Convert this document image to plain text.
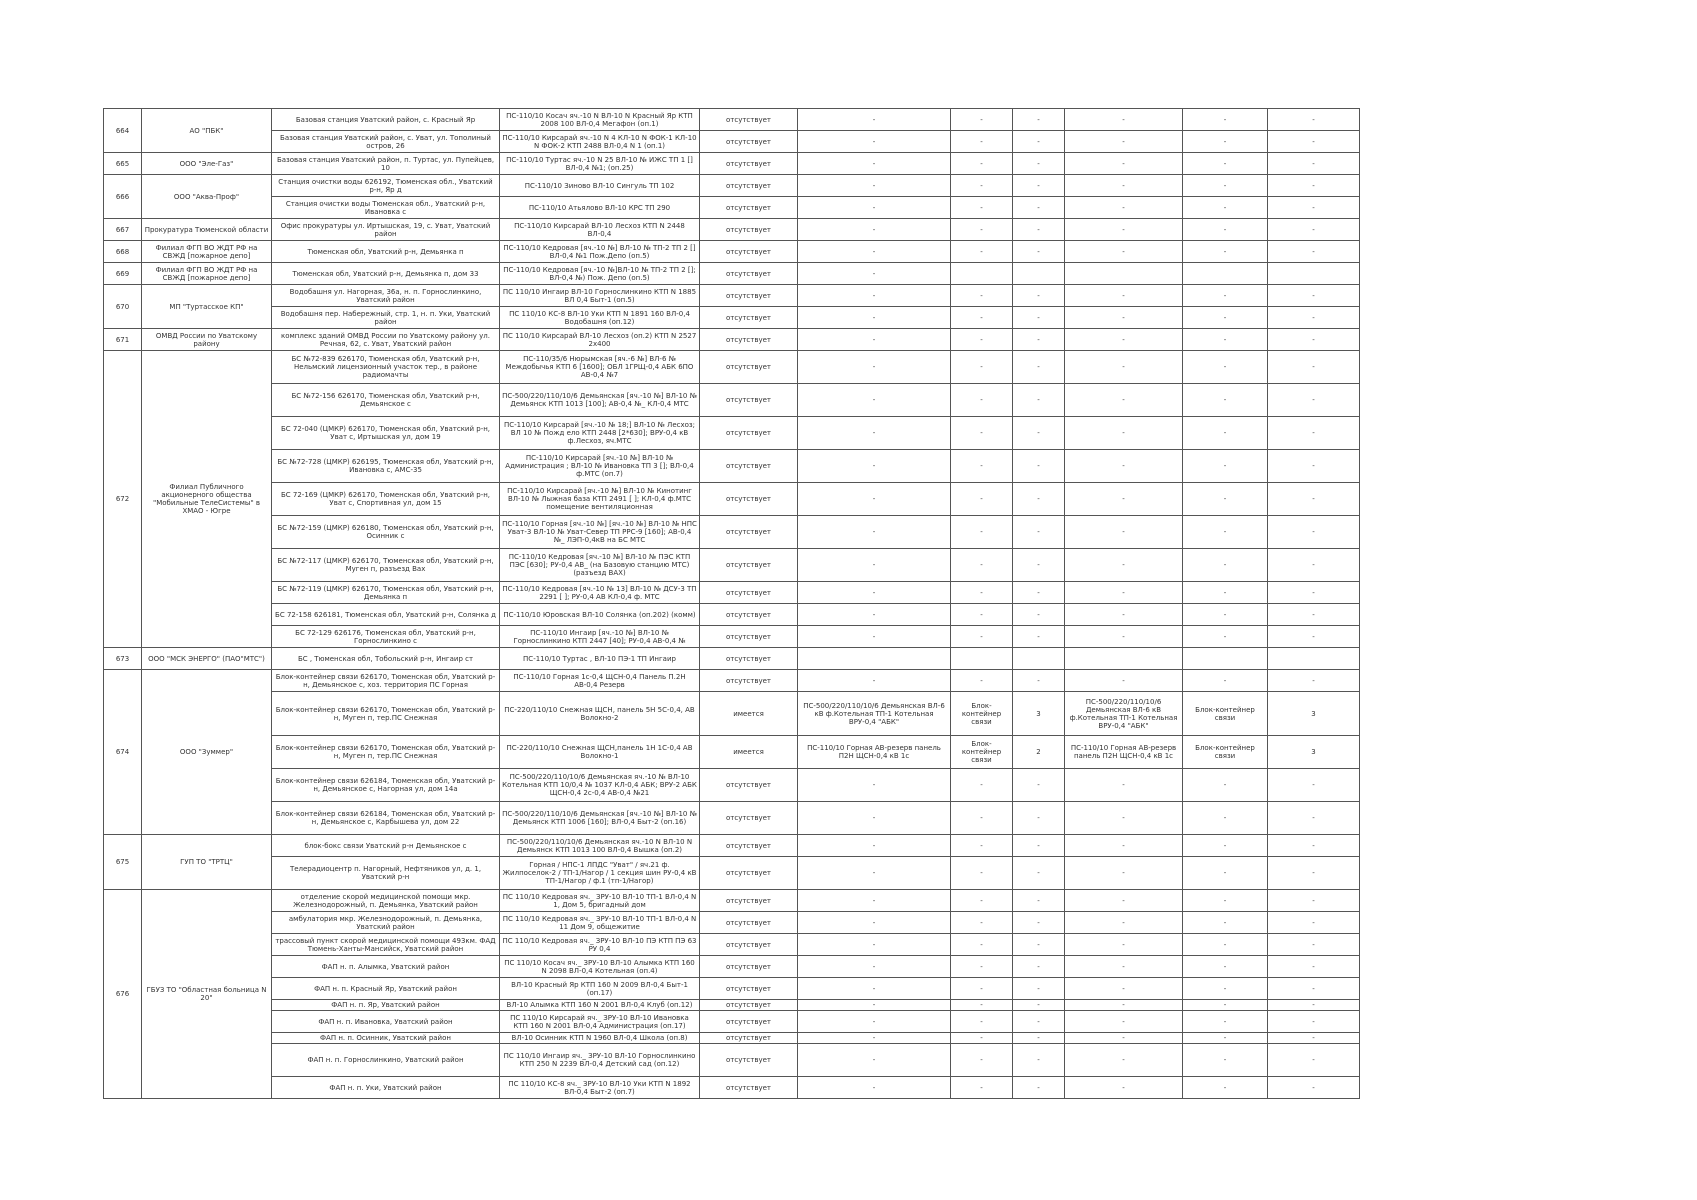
664	АО "ПБК"	Базовая станция Уватский район, с. Красный Яр	ПС-110/10 Косач яч.-10 N ВЛ-10 N Красный Яр КТП 2008 100 ВЛ-0,4 Мегафон (оп.1)	отсутствует	-	-	-	-	-	-
		Базовая станция Уватский район, с. Уват, ул. Тополиный остров, 26	ПС-110/10 Кирсарай яч.-10 N 4 КЛ-10 N ФОК-1 КЛ-10 N ФОК-2 КТП 2488 ВЛ-0,4 N 1 (оп.1)	отсутствует	-	-	-	-	-	-
665	ООО "Эле-Газ"	Базовая станция Уватский район, п. Туртас, ул. Пупейцев, 10	ПС-110/10 Туртас яч.-10 N 25 ВЛ-10 № ИЖС ТП 1 [] ВЛ-0,4 №1; (оп.25)	отсутствует	-	-	-	-	-	-
666	ООО "Аква-Проф"	Станция очистки воды 626192, Тюменская обл., Уватский р-н, Яр д	ПС-110/10 Зиново ВЛ-10 Сингуль ТП 102	отсутствует	-	-	-	-	-	-
		Станция очистки воды Тюменская обл., Уватский р-н, Ивановка с	ПС-110/10 Атьялово ВЛ-10 КРС ТП 290	отсутствует	-	-	-	-	-	-
667	Прокуратура Тюменской области	Офис прокуратуры ул. Иртышская, 19, с. Уват, Уватский район	ПС-110/10 Кирсарай ВЛ-10 Лесхоз КТП N 2448 ВЛ-0,4	отсутствует	-	-	-	-	-	-
668	Филиал ФГП ВО ЖДТ РФ на СВЖД [пожарное депо]	Тюменская обл, Уватский р-н, Демьянка п	ПС-110/10 Кедровая [яч.-10 №] ВЛ-10 № ТП-2 ТП 2 [] ВЛ-0,4 №1 Пож.Депо (оп.5)	отсутствует	-	-	-	-	-	-
669	Филиал ФГП ВО ЖДТ РФ на СВЖД [пожарное депо]	Тюменская обл, Уватский р-н, Демьянка п, дом 33	ПС-110/10 Кедровая [яч.-10 №]ВЛ-10 № ТП-2 ТП 2 []; ВЛ-0,4 №) Пож. Депо (оп.5)	отсутствует	-					
670	МП "Туртасское КП"	Водобашня ул. Нагорная, 36а, н. п. Горнослинкино, Уватский район	ПС 110/10 Ингаир ВЛ-10 Горнослинкино КТП N 1885 ВЛ 0,4 Быт-1 (оп.5)	отсутствует	-	-	-	-	-	-
		Водобашня пер. Набережный, стр. 1, н. п. Уки, Уватский район	ПС 110/10 КС-8 ВЛ-10 Уки КТП N 1891 160 ВЛ-0,4 Водобашня (оп.12)	отсутствует	-	-	-	-	-	-
671	ОМВД России по Уватскому району	комплекс зданий ОМВД России по Уватскому району ул. Речная, 62, с. Уват, Уватский район	ПС 110/10 Кирсарай ВЛ-10 Лесхоз (оп.2) КТП N 2527 2х400	отсутствует	-	-	-	-	-	-
672	Филиал Публичного акционерного общества "Мобильные ТелеСистемы" в ХМАО - Югре	БС №72-839 626170, Тюменская обл, Уватский р-н, Нельмский лицензионный участок тер., в районе радиомачты	ПС-110/35/6 Нюрымская [яч.-6 №] ВЛ-6 № Междобычья КТП 6 [1600]; ОБЛ 1ГРЩ-0,4 АБК 6ПО АВ-0,4 №7	отсутствует	-	-	-	-	-	-
		БС №72-156 626170, Тюменская обл, Уватский р-н, Демьянское с	ПС-500/220/110/10/6 Демьянская [яч.-10 №] ВЛ-10 № Демьянск КТП 1013 [100]; АВ-0,4 №_ КЛ-0,4 МТС	отсутствует	-	-	-	-	-	-
		БС 72-040 (ЦМКР) 626170, Тюменская обл, Уватский р-н, Уват с, Иртышская ул, дом 19	ПС-110/10 Кирсарай [яч.-10 № 18;] ВЛ-10 № Лесхоз; ВЛ 10 № Пожд ело КТП 2448 [2*630]; ВРУ-0,4 кВ ф.Лесхоз, яч.МТС	отсутствует	-	-	-	-	-	-
		БС №72-728 (ЦМКР) 626195, Тюменская обл, Уватский р-н, Ивановка с, АМС-35	ПС-110/10 Кирсарай [яч.-10 №] ВЛ-10 № Администрация ; ВЛ-10 № Ивановка ТП 3 []; ВЛ-0,4 ф.МТС (оп.7)	отсутствует	-	-	-	-	-	-
		БС 72-169 (ЦМКР) 626170, Тюменская обл, Уватский р-н, Уват с, Спортивная ул, дом 15	ПС-110/10 Кирсарай [яч.-10 №] ВЛ-10 № Кинотинг ВЛ-10 № Лыжная база КТП 2491 [ ]; КЛ-0,4 ф.МТС помещение вентиляционная	отсутствует	-	-	-	-	-	-
		БС №72-159 (ЦМКР) 626180, Тюменская обл, Уватский р-н, Осинник с	ПС-110/10 Горная [яч.-10 №] [яч.-10 №] ВЛ-10 № НПС Уват-3 ВЛ-10 № Уват-Север ТП РРС-9 [160]; АВ-0,4 №_ ЛЭП-0,4кВ на БС МТС	отсутствует	-	-	-	-	-	-
		БС №72-117 (ЦМКР) 626170, Тюменская обл, Уватский р-н, Муген п, разъезд Вах	ПС-110/10 Кедровая [яч.-10 №] ВЛ-10 № ПЭС КТП ПЭС [630]; РУ-0,4 АВ_ (на Базовую станцию МТС) (разъезд ВАХ)	отсутствует	-	-	-	-	-	-
		БС №72-119 (ЦМКР) 626170, Тюменская обл, Уватский р-н, Демьянка п	ПС-110/10 Кедровая [яч.-10 № 13] ВЛ-10 № ДСУ-3 ТП 2291 [ ]; РУ-0,4 АВ КЛ-0,4 ф. МТС	отсутствует	-	-	-	-	-	-
		БС 72-158 626181, Тюменская обл, Уватский р-н, Солянка д	ПС-110/10 Юровская ВЛ-10 Солянка (оп.202) (комм)	отсутствует	-	-	-	-	-	-
		БС 72-129 626176, Тюменская обл, Уватский р-н, Горнослинкино с	ПС-110/10 Ингаир [яч.-10 №] ВЛ-10 № Горнослинкино КТП 2447 [40]; РУ-0,4 АВ-0,4 №	отсутствует	-	-	-	-	-	-
673	ООО "МСК ЭНЕРГО" (ПАО"МТС")	БС , Тюменская обл, Тобольский р-н, Ингаир ст	ПС-110/10 Туртас , ВЛ-10 ПЭ-1 ТП Ингаир	отсутствует						
674	ООО "Зуммер"	Блок-контейнер связи 626170, Тюменская обл, Уватский р-н, Демьянское с, хоз. территория ПС Горная	ПС-110/10 Горная 1с-0,4 ЩСН-0,4 Панель П.2Н АВ-0,4 Резерв	отсутствует	-	-	-	-	-	-
		Блок-контейнер связи 626170, Тюменская обл, Уватский р-н, Муген п, тер.ПС Снежная	ПС-220/110/10 Снежная ЩСН, панель 5Н 5С-0,4, АВ Волокно-2	имеется	ПС-500/220/110/10/6 Демьянская ВЛ-6 кВ ф.Котельная ТП-1 Котельная ВРУ-0,4 "АБК"	Блок-контейнер связи	3	ПС-500/220/110/10/6 Демьянская ВЛ-6 кВ ф.Котельная ТП-1 Котельная ВРУ-0,4 "АБК"	Блок-контейнер связи	3
		Блок-контейнер связи 626170, Тюменская обл, Уватский р-н, Муген п, тер.ПС Снежная	ПС-220/110/10 Снежная ЩСН,панель 1Н 1С-0,4 АВ Волокно-1	имеется	ПС-110/10 Горная АВ-резерв панель П2Н ЩСН-0,4 кВ 1с	Блок-контейнер связи	2	ПС-110/10 Горная АВ-резерв панель П2Н ЩСН-0,4 кВ 1с	Блок-контейнер связи	3
		Блок-контейнер связи 626184, Тюменская обл, Уватский р-н, Демьянское с, Нагорная ул, дом 14а	ПС-500/220/110/10/6 Демьянская яч.-10 № ВЛ-10 Котельная КТП 10/0,4 № 1037 КЛ-0,4 АБК; ВРУ-2 АБК ЩСН-0,4 2с-0,4 АВ-0,4 №21	отсутствует	-	-	-	-	-	-
		Блок-контейнер связи 626184, Тюменская обл, Уватский р-н, Демьянское с, Карбышева ул, дом 22	ПС-500/220/110/10/6 Демьянская [яч.-10 №] ВЛ-10 № Демьянск КТП 1006 [160]; ВЛ-0,4 Быт-2 (оп.16)	отсутствует	-	-	-	-	-	-
675	ГУП ТО "ТРТЦ"	блок-бокс связи Уватский р-н Демьянское с	ПС-500/220/110/10/6 Демьянская яч.-10 N ВЛ-10 N Демьянск КТП 1013 100 ВЛ-0,4 Вышка (оп.2)	отсутствует	-	-	-	-	-	-
		Телерадиоцентр п. Нагорный, Нефтяников ул, д. 1, Уватский р-н	Горная / НПС-1 ЛПДС "Уват" / яч.21 ф. Жилпоселок-2 / ТП-1/Нагор / 1 секция шин РУ-0,4 кВ ТП-1/Нагор / ф.1 (тп-1/Нагор)	отсутствует	-	-	-	-	-	-
676	ГБУЗ ТО "Областная больница N 20"	отделение скорой медицинской помощи мкр. Железнодорожный, п. Демьянка, Уватский район	ПС 110/10 Кедровая яч._ ЗРУ-10 ВЛ-10 ТП-1 ВЛ-0,4 N 1, Дом 5, бригадный дом	отсутствует	-	-	-	-	-	-
		амбулатория мкр. Железнодорожный, п. Демьянка, Уватский район	ПС 110/10 Кедровая яч._ ЗРУ-10 ВЛ-10 ТП-1 ВЛ-0,4 N 11 Дом 9, общежитие	отсутствует	-	-	-	-	-	-
		трассовый пункт скорой медицинской помощи 493км. ФАД Тюмень-Ханты-Мансийск, Уватский район	ПС 110/10 Кедровая яч._ ЗРУ-10 ВЛ-10 ПЭ КТП ПЭ 63 РУ 0,4	отсутствует	-	-	-	-	-	-
		ФАП н. п. Алымка, Уватский район	ПС 110/10 Косач яч._ ЗРУ-10 ВЛ-10 Алымка КТП 160 N 2098 ВЛ-0,4 Котельная (оп.4)	отсутствует	-	-	-	-	-	-
		ФАП н. п. Красный Яр, Уватский район	ВЛ-10 Красный Яр КТП 160 N 2009 ВЛ-0,4 Быт-1 (оп.17)	отсутствует	-	-	-	-	-	-
		ФАП н. п. Яр, Уватский район	ВЛ-10 Алымка КТП 160 N 2001 ВЛ-0,4 Клуб (оп.12)	отсутствует	-	-	-	-	-	-
		ФАП н. п. Ивановка, Уватский район	ПС 110/10 Кирсарай яч._ ЗРУ-10 ВЛ-10 Ивановка КТП 160 N 2001 ВЛ-0,4 Администрация (оп.17)	отсутствует	-	-	-	-	-	-
		ФАП н. п. Осинник, Уватский район	ВЛ-10 Осинник КТП N 1960 ВЛ-0,4 Школа (оп.8)	отсутствует	-	-	-	-	-	-
		ФАП н. п. Горнослинкино, Уватский район	ПС 110/10 Ингаир яч._ ЗРУ-10 ВЛ-10 Горнослинкино КТП 250 N 2239 ВЛ-0,4 Детский сад (оп.12)	отсутствует	-	-	-	-	-	-
		ФАП н. п. Уки, Уватский район	ПС 110/10 КС-8 яч._ ЗРУ-10 ВЛ-10 Уки КТП N 1892 ВЛ-0,4 Быт-2 (оп.7)	отсутствует	-	-	-	-	-	-
